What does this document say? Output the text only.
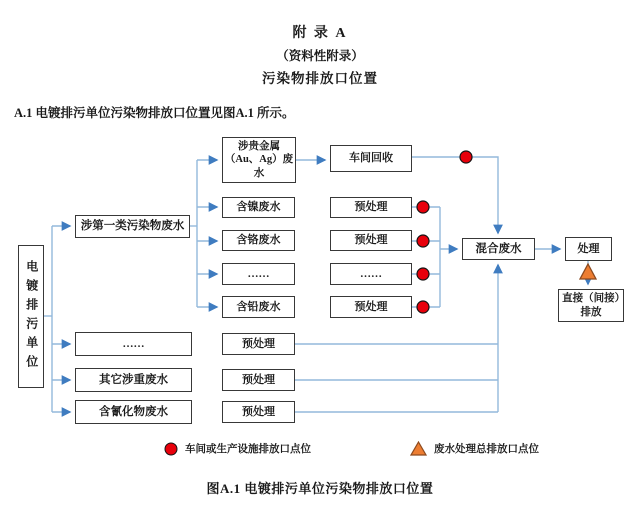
附 录 A
（资料性附录）
污染物排放口位置
A.1 电镀排污单位污染物排放口位置见图A.1 所示。
电镀排污单位
涉第一类污染物废水
涉贵金属（Au、Ag）废水
车间回收
含镍废水
含铬废水
……
含铅废水
预处理
预处理
……
预处理
混合废水	处理
直接（间接）排放
……
其它涉重废水
含氰化物废水
预处理
预处理
预处理
车间或生产设施排放口点位	废水处理总排放口点位
图A.1 电镀排污单位污染物排放口位置
